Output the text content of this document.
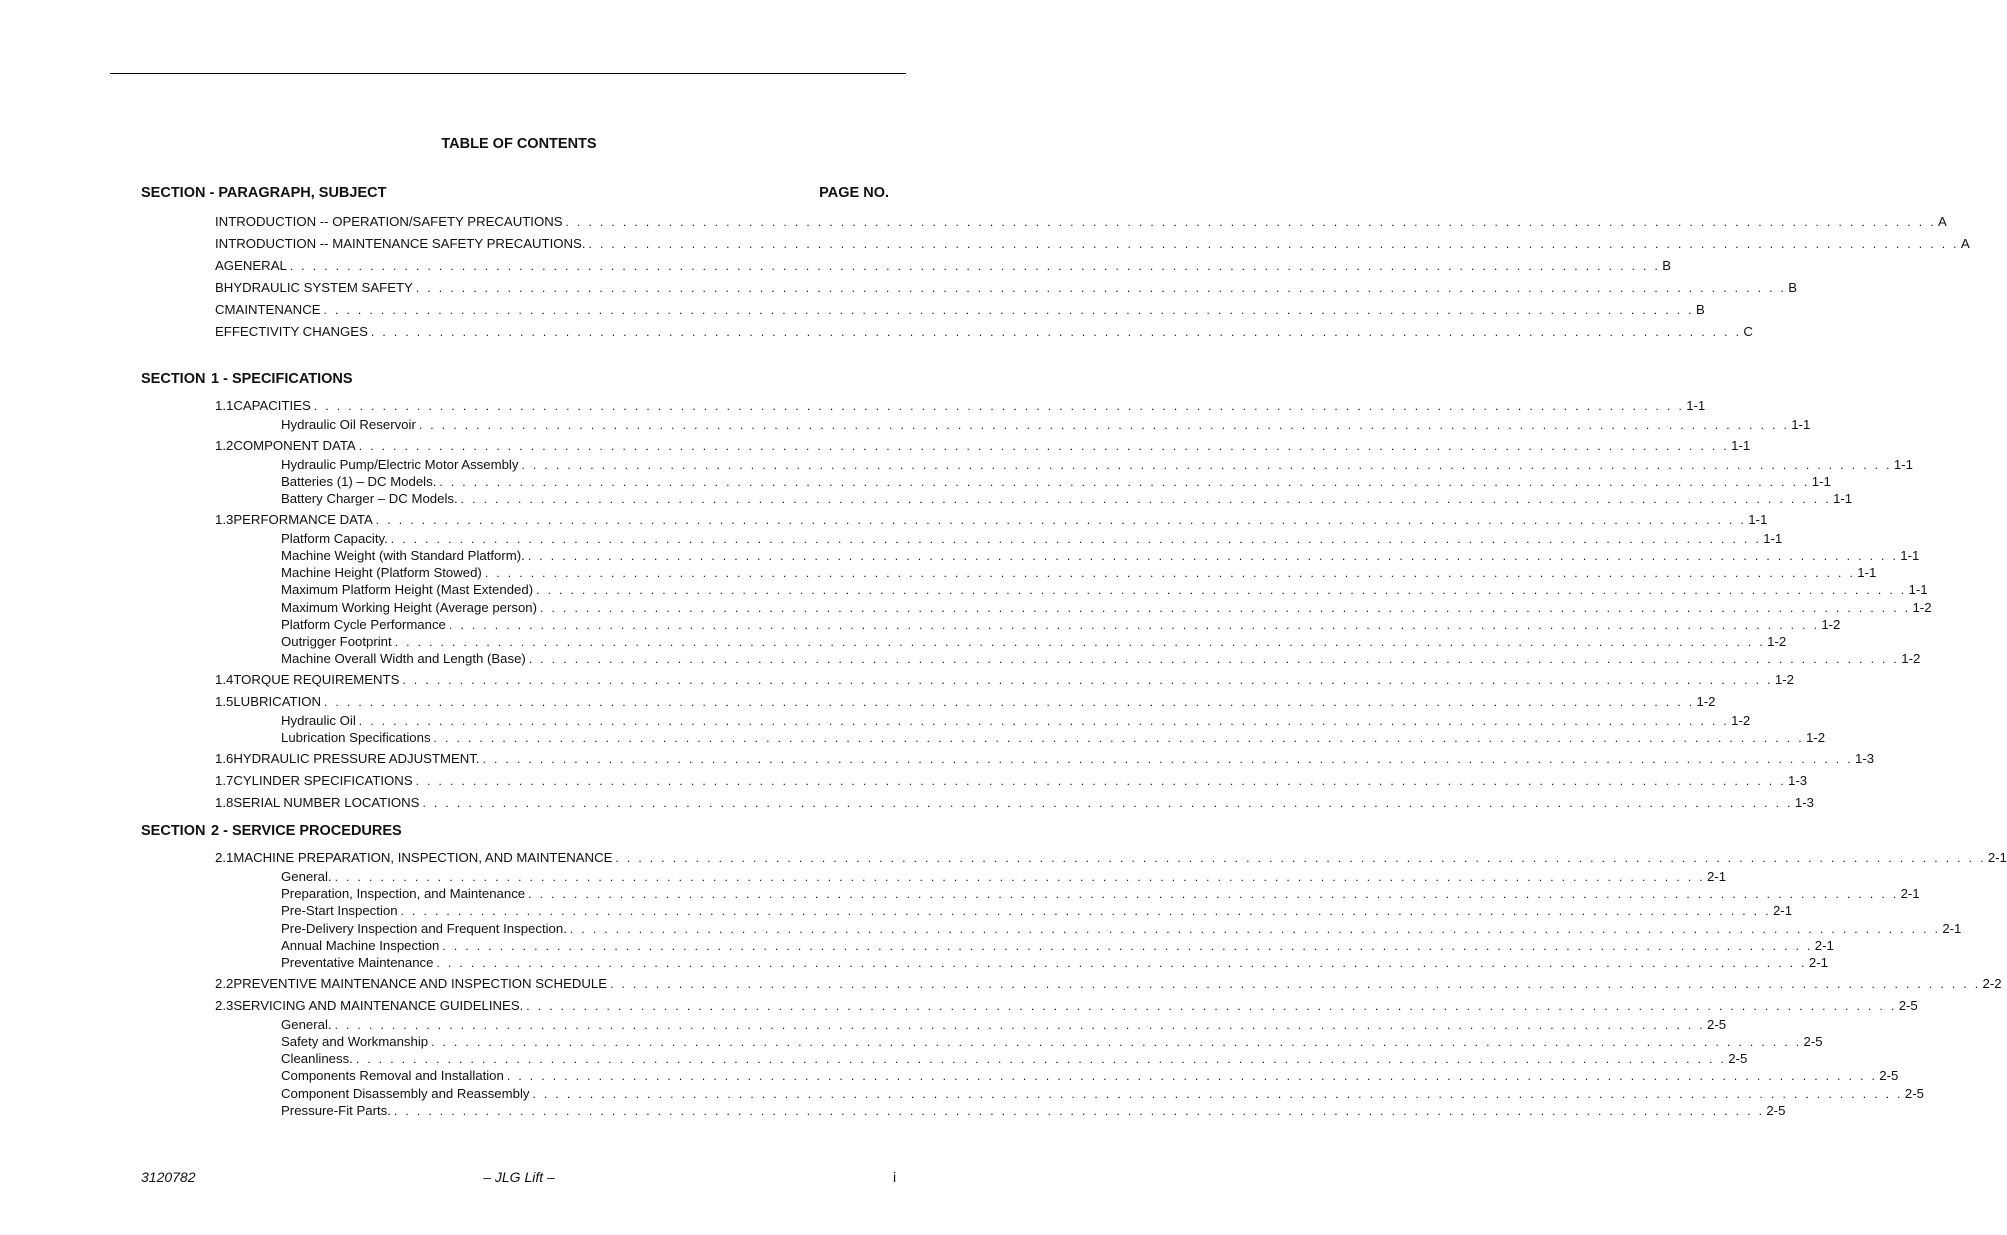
TABLE OF CONTENTS
SECTION - PARAGRAPH, SUBJECT	PAGE NO.
INTRODUCTION -- OPERATION/SAFETY PRECAUTIONS . . . . . . . . . . . . . . . . . . . . . . . . . . . . . . . . . . . . . . . . . . . . . . . . . . . . . . . . . . . . . . . . . . . . . . . . . . . . . . . . . . . . . . . . . . . . . . . . . . . . . . . . . . . . . . . . . . . . . . . . A
INTRODUCTION -- MAINTENANCE SAFETY PRECAUTIONS. . . . . . . . . . . . . . . . . . . . . . . . . . . . . . . . . . . . . . . . . . . . . . . . . . . . . . . . . . . . . . . . . . . . . . . . . . . . . . . . . . . . . . . . . . . . . . . . . . . . . . . . . . . . . . . . . . . . . . . . . A
A GENERAL . . . . . . . . . . . . . . . . . . . . . . . . . . . . . . . . . . . . . . . . . . . . . . . . . . . . . . . . . . . . . . . . . . . . . . . . . . . . . . . . . . . . . . . . . . . . . . . . . . . . . . . . . . . . . . . . . . . . . . . . B
B HYDRAULIC SYSTEM SAFETY . . . . . . . . . . . . . . . . . . . . . . . . . . . . . . . . . . . . . . . . . . . . . . . . . . . . . . . . . . . . . . . . . . . . . . . . . . . . . . . . . . . . . . . . . . . . . . . . . . . . . . . . . . . . . . . . . . . . . . . . B
C MAINTENANCE . . . . . . . . . . . . . . . . . . . . . . . . . . . . . . . . . . . . . . . . . . . . . . . . . . . . . . . . . . . . . . . . . . . . . . . . . . . . . . . . . . . . . . . . . . . . . . . . . . . . . . . . . . . . . . . . . . . . . . . . B
EFFECTIVITY CHANGES . . . . . . . . . . . . . . . . . . . . . . . . . . . . . . . . . . . . . . . . . . . . . . . . . . . . . . . . . . . . . . . . . . . . . . . . . . . . . . . . . . . . . . . . . . . . . . . . . . . . . . . . . . . . . . . . . . . . . . . . C
SECTION 1 - SPECIFICATIONS
1.1 CAPACITIES . . . . . . . . . . . . . . . . . . . . . . . . . . . . . . . . . . . . . . . . . . . . . . . . . . . . . . . . . . . . . . . . . . . . . . . . . . . . . . . . . . . . . . . . . . . . . . . . . . . . . . . . . . . . . . . . . . . . . . . . 1-1
Hydraulic Oil Reservoir . . . . . . . . . . . . . . . . . . . . . . . . . . . . . . . . . . . . . . . . . . . . . . . . . . . . . . . . . . . . . . . . . . . . . . . . . . . . . . . . . . . . . . . . . . . . . . . . . . . . . . . . . . . . . . . . . . . . . . . . 1-1
1.2 COMPONENT DATA . . . . . . . . . . . . . . . . . . . . . . . . . . . . . . . . . . . . . . . . . . . . . . . . . . . . . . . . . . . . . . . . . . . . . . . . . . . . . . . . . . . . . . . . . . . . . . . . . . . . . . . . . . . . . . . . . . . . . . . . 1-1
Hydraulic Pump/Electric Motor Assembly . . . . . . . . . . . . . . . . . . . . . . . . . . . . . . . . . . . . . . . . . . . . . . . . . . . . . . . . . . . . . . . . . . . . . . . . . . . . . . . . . . . . . . . . . . . . . . . . . . . . . . . . . . . . . . . . . . . . . . . . 1-1
Batteries (1) – DC Models. . . . . . . . . . . . . . . . . . . . . . . . . . . . . . . . . . . . . . . . . . . . . . . . . . . . . . . . . . . . . . . . . . . . . . . . . . . . . . . . . . . . . . . . . . . . . . . . . . . . . . . . . . . . . . . . . . . . . . . . . 1-1
Battery Charger – DC Models. . . . . . . . . . . . . . . . . . . . . . . . . . . . . . . . . . . . . . . . . . . . . . . . . . . . . . . . . . . . . . . . . . . . . . . . . . . . . . . . . . . . . . . . . . . . . . . . . . . . . . . . . . . . . . . . . . . . . . . . . 1-1
1.3 PERFORMANCE DATA . . . . . . . . . . . . . . . . . . . . . . . . . . . . . . . . . . . . . . . . . . . . . . . . . . . . . . . . . . . . . . . . . . . . . . . . . . . . . . . . . . . . . . . . . . . . . . . . . . . . . . . . . . . . . . . . . . . . . . . . 1-1
Platform Capacity. . . . . . . . . . . . . . . . . . . . . . . . . . . . . . . . . . . . . . . . . . . . . . . . . . . . . . . . . . . . . . . . . . . . . . . . . . . . . . . . . . . . . . . . . . . . . . . . . . . . . . . . . . . . . . . . . . . . . . . . . 1-1
Machine Weight (with Standard Platform). . . . . . . . . . . . . . . . . . . . . . . . . . . . . . . . . . . . . . . . . . . . . . . . . . . . . . . . . . . . . . . . . . . . . . . . . . . . . . . . . . . . . . . . . . . . . . . . . . . . . . . . . . . . . . . . . . . . . . . . . 1-1
Machine Height (Platform Stowed) . . . . . . . . . . . . . . . . . . . . . . . . . . . . . . . . . . . . . . . . . . . . . . . . . . . . . . . . . . . . . . . . . . . . . . . . . . . . . . . . . . . . . . . . . . . . . . . . . . . . . . . . . . . . . . . . . . . . . . . . 1-1
Maximum Platform Height (Mast Extended) . . . . . . . . . . . . . . . . . . . . . . . . . . . . . . . . . . . . . . . . . . . . . . . . . . . . . . . . . . . . . . . . . . . . . . . . . . . . . . . . . . . . . . . . . . . . . . . . . . . . . . . . . . . . . . . . . . . . . . . . 1-1
Maximum Working Height (Average person) . . . . . . . . . . . . . . . . . . . . . . . . . . . . . . . . . . . . . . . . . . . . . . . . . . . . . . . . . . . . . . . . . . . . . . . . . . . . . . . . . . . . . . . . . . . . . . . . . . . . . . . . . . . . . . . . . . . . . . . . 1-2
Platform Cycle Performance . . . . . . . . . . . . . . . . . . . . . . . . . . . . . . . . . . . . . . . . . . . . . . . . . . . . . . . . . . . . . . . . . . . . . . . . . . . . . . . . . . . . . . . . . . . . . . . . . . . . . . . . . . . . . . . . . . . . . . . . 1-2
Outrigger Footprint . . . . . . . . . . . . . . . . . . . . . . . . . . . . . . . . . . . . . . . . . . . . . . . . . . . . . . . . . . . . . . . . . . . . . . . . . . . . . . . . . . . . . . . . . . . . . . . . . . . . . . . . . . . . . . . . . . . . . . . . 1-2
Machine Overall Width and Length (Base) . . . . . . . . . . . . . . . . . . . . . . . . . . . . . . . . . . . . . . . . . . . . . . . . . . . . . . . . . . . . . . . . . . . . . . . . . . . . . . . . . . . . . . . . . . . . . . . . . . . . . . . . . . . . . . . . . . . . . . . . 1-2
1.4 TORQUE REQUIREMENTS . . . . . . . . . . . . . . . . . . . . . . . . . . . . . . . . . . . . . . . . . . . . . . . . . . . . . . . . . . . . . . . . . . . . . . . . . . . . . . . . . . . . . . . . . . . . . . . . . . . . . . . . . . . . . . . . . . . . . . . . 1-2
1.5 LUBRICATION . . . . . . . . . . . . . . . . . . . . . . . . . . . . . . . . . . . . . . . . . . . . . . . . . . . . . . . . . . . . . . . . . . . . . . . . . . . . . . . . . . . . . . . . . . . . . . . . . . . . . . . . . . . . . . . . . . . . . . . . 1-2
Hydraulic Oil . . . . . . . . . . . . . . . . . . . . . . . . . . . . . . . . . . . . . . . . . . . . . . . . . . . . . . . . . . . . . . . . . . . . . . . . . . . . . . . . . . . . . . . . . . . . . . . . . . . . . . . . . . . . . . . . . . . . . . . . 1-2
Lubrication Specifications . . . . . . . . . . . . . . . . . . . . . . . . . . . . . . . . . . . . . . . . . . . . . . . . . . . . . . . . . . . . . . . . . . . . . . . . . . . . . . . . . . . . . . . . . . . . . . . . . . . . . . . . . . . . . . . . . . . . . . . . 1-2
1.6 HYDRAULIC PRESSURE ADJUSTMENT. . . . . . . . . . . . . . . . . . . . . . . . . . . . . . . . . . . . . . . . . . . . . . . . . . . . . . . . . . . . . . . . . . . . . . . . . . . . . . . . . . . . . . . . . . . . . . . . . . . . . . . . . . . . . . . . . . . . . . . . . 1-3
1.7 CYLINDER SPECIFICATIONS . . . . . . . . . . . . . . . . . . . . . . . . . . . . . . . . . . . . . . . . . . . . . . . . . . . . . . . . . . . . . . . . . . . . . . . . . . . . . . . . . . . . . . . . . . . . . . . . . . . . . . . . . . . . . . . . . . . . . . . . 1-3
1.8 SERIAL NUMBER LOCATIONS . . . . . . . . . . . . . . . . . . . . . . . . . . . . . . . . . . . . . . . . . . . . . . . . . . . . . . . . . . . . . . . . . . . . . . . . . . . . . . . . . . . . . . . . . . . . . . . . . . . . . . . . . . . . . . . . . . . . . . . . 1-3
SECTION 2 - SERVICE PROCEDURES
2.1 MACHINE PREPARATION, INSPECTION, AND MAINTENANCE . . . . . . . . . . . . . . . . . . . . . . . . . . . . . . . . . . . . . . . . . . . . . . . . . . . . . . . . . . . . . . . . . . . . . . . . . . . . . . . . . . . . . . . . . . . . . . . . . . . . . . . . . . . . . . . . . . . . . . . . 2-1
General. . . . . . . . . . . . . . . . . . . . . . . . . . . . . . . . . . . . . . . . . . . . . . . . . . . . . . . . . . . . . . . . . . . . . . . . . . . . . . . . . . . . . . . . . . . . . . . . . . . . . . . . . . . . . . . . . . . . . . . . . 2-1
Preparation, Inspection, and Maintenance . . . . . . . . . . . . . . . . . . . . . . . . . . . . . . . . . . . . . . . . . . . . . . . . . . . . . . . . . . . . . . . . . . . . . . . . . . . . . . . . . . . . . . . . . . . . . . . . . . . . . . . . . . . . . . . . . . . . . . . . 2-1
Pre-Start Inspection . . . . . . . . . . . . . . . . . . . . . . . . . . . . . . . . . . . . . . . . . . . . . . . . . . . . . . . . . . . . . . . . . . . . . . . . . . . . . . . . . . . . . . . . . . . . . . . . . . . . . . . . . . . . . . . . . . . . . . . . 2-1
Pre-Delivery Inspection and Frequent Inspection. . . . . . . . . . . . . . . . . . . . . . . . . . . . . . . . . . . . . . . . . . . . . . . . . . . . . . . . . . . . . . . . . . . . . . . . . . . . . . . . . . . . . . . . . . . . . . . . . . . . . . . . . . . . . . . . . . . . . . . . . 2-1
Annual Machine Inspection . . . . . . . . . . . . . . . . . . . . . . . . . . . . . . . . . . . . . . . . . . . . . . . . . . . . . . . . . . . . . . . . . . . . . . . . . . . . . . . . . . . . . . . . . . . . . . . . . . . . . . . . . . . . . . . . . . . . . . . . 2-1
Preventative Maintenance . . . . . . . . . . . . . . . . . . . . . . . . . . . . . . . . . . . . . . . . . . . . . . . . . . . . . . . . . . . . . . . . . . . . . . . . . . . . . . . . . . . . . . . . . . . . . . . . . . . . . . . . . . . . . . . . . . . . . . . . 2-1
2.2 PREVENTIVE MAINTENANCE AND INSPECTION SCHEDULE . . . . . . . . . . . . . . . . . . . . . . . . . . . . . . . . . . . . . . . . . . . . . . . . . . . . . . . . . . . . . . . . . . . . . . . . . . . . . . . . . . . . . . . . . . . . . . . . . . . . . . . . . . . . . . . . . . . . . . . . 2-2
2.3 SERVICING AND MAINTENANCE GUIDELINES. . . . . . . . . . . . . . . . . . . . . . . . . . . . . . . . . . . . . . . . . . . . . . . . . . . . . . . . . . . . . . . . . . . . . . . . . . . . . . . . . . . . . . . . . . . . . . . . . . . . . . . . . . . . . . . . . . . . . . . . . 2-5
General. . . . . . . . . . . . . . . . . . . . . . . . . . . . . . . . . . . . . . . . . . . . . . . . . . . . . . . . . . . . . . . . . . . . . . . . . . . . . . . . . . . . . . . . . . . . . . . . . . . . . . . . . . . . . . . . . . . . . . . . . 2-5
Safety and Workmanship . . . . . . . . . . . . . . . . . . . . . . . . . . . . . . . . . . . . . . . . . . . . . . . . . . . . . . . . . . . . . . . . . . . . . . . . . . . . . . . . . . . . . . . . . . . . . . . . . . . . . . . . . . . . . . . . . . . . . . . . 2-5
Cleanliness. . . . . . . . . . . . . . . . . . . . . . . . . . . . . . . . . . . . . . . . . . . . . . . . . . . . . . . . . . . . . . . . . . . . . . . . . . . . . . . . . . . . . . . . . . . . . . . . . . . . . . . . . . . . . . . . . . . . . . . . . 2-5
Components Removal and Installation . . . . . . . . . . . . . . . . . . . . . . . . . . . . . . . . . . . . . . . . . . . . . . . . . . . . . . . . . . . . . . . . . . . . . . . . . . . . . . . . . . . . . . . . . . . . . . . . . . . . . . . . . . . . . . . . . . . . . . . . 2-5
Component Disassembly and Reassembly . . . . . . . . . . . . . . . . . . . . . . . . . . . . . . . . . . . . . . . . . . . . . . . . . . . . . . . . . . . . . . . . . . . . . . . . . . . . . . . . . . . . . . . . . . . . . . . . . . . . . . . . . . . . . . . . . . . . . . . . 2-5
Pressure-Fit Parts. . . . . . . . . . . . . . . . . . . . . . . . . . . . . . . . . . . . . . . . . . . . . . . . . . . . . . . . . . . . . . . . . . . . . . . . . . . . . . . . . . . . . . . . . . . . . . . . . . . . . . . . . . . . . . . . . . . . . . . . . 2-5
3120782	– JLG Lift –	i
